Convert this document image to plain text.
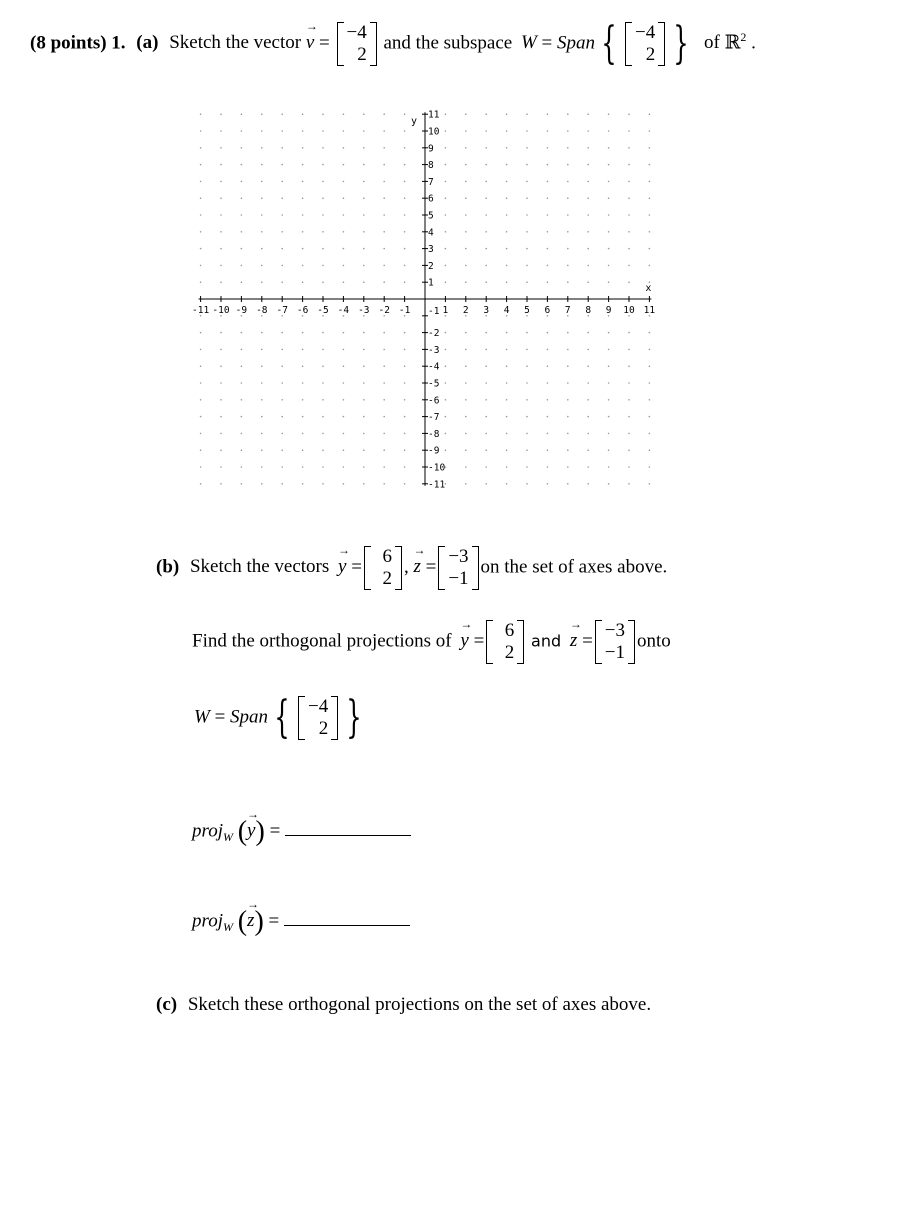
(8 points) 1. (a) Sketch the vector
→
v = −4
2
and the subspace W = Span { −4
2 } of ℝ$^2$ .
-11 -10 -9 -8 -7 -6 -5 -4 -3 -2 -1	1 2 3 4 5 6 7 8 9 10 11
11
10
9
8
7
6
5
4
3
2
1
-1
-2
-3
-4
-5
-6
-7
-8
-9
-10
-11
x
y
(b) Sketch the vectors
→
y =	6
2
,
→
z = −3
−1
on the set of axes above.
Find the orthogonal projections of
→
y =	6
2
and
→
z = −3
−1
onto
W = Span { −4
2 }
proj$_W$ (
→
y) =
proj$_W$ (
→
z) =
(c) Sketch these orthogonal projections on the set of axes above.
